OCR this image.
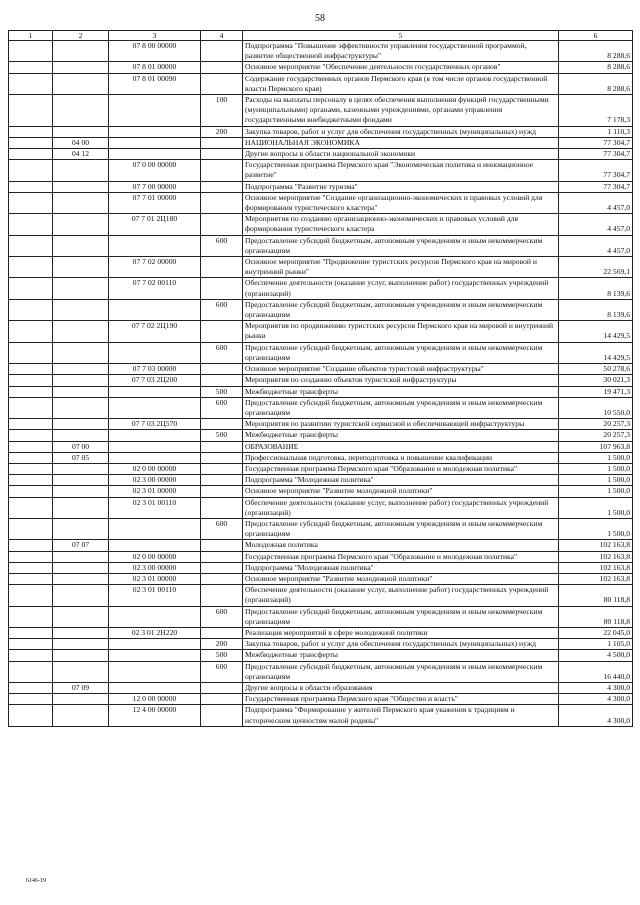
58
1	2	3	4	5	6
		07 8 00 00000		Подпрограмма "Повышение эффективности управления государственной программой, развитие общественной инфраструктуры"	8 288,6
		07 8 01 00000		Основное мероприятие "Обеспечение деятельности государственных органов"	8 288,6
		07 8 01 00090		Содержание государственных органов Пермского края (в том числе органов государственной власти Пермского края)	8 288,6
			100	Расходы на выплаты персоналу в целях обеспечения выполнения функций государственными (муниципальными) органами, казенными учреждениями, органами управления государственными внебюджетными фондами	7 178,3
			200	Закупка товаров, работ и услуг для обеспечения государственных (муниципальных) нужд	1 110,3
	04 00			НАЦИОНАЛЬНАЯ ЭКОНОМИКА	77 304,7
	04 12			Другие вопросы в области национальной экономики	77 304,7
		07 0 00 00000		Государственная программа Пермского края "Экономическая политика и инновационное развитие"	77 304,7
		07 7 00 00000		Подпрограмма "Развитие туризма"	77 304,7
		07 7 01 00000		Основное мероприятие "Создание организационно-экономических и правовых условий для формирования туристического кластера"	4 457,0
		07 7 01 2Ц180		Мероприятия по созданию организационно-экономических и правовых условий для формирования туристического кластера	4 457,0
			600	Предоставление субсидий бюджетным, автономным учреждениям и иным некоммерческим организациям	4 457,0
		07 7 02 00000		Основное мероприятие "Продвижение туристских ресурсов Пермского края на мировой и внутренний рынки"	22 569,1
		07 7 02 00110		Обеспечение деятельности (оказание услуг, выполнение работ) государственных учреждений (организаций)	8 139,6
			600	Предоставление субсидий бюджетным, автономным учреждениям и иным некоммерческим организациям	8 139,6
		07 7 02 2Ц190		Мероприятия по продвижению туристских ресурсов Пермского края на мировой и внутренний рынки	14 429,5
			600	Предоставление субсидий бюджетным, автономным учреждениям и иным некоммерческим организациям	14 429,5
		07 7 03 00000		Основное мероприятие "Создание объектов туристской инфраструктуры"	50 278,6
		07 7 03 2Ц200		Мероприятия по созданию объектов туристской инфраструктуры	30 021,3
			500	Межбюджетные трансферты	19 471,3
			600	Предоставление субсидий бюджетным, автономным учреждениям и иным некоммерческим организациям	10 550,0
		07 7 03 2Ц570		Мероприятия по развитию туристской сервисной и обеспечивающей инфраструктуры	20 257,3
			500	Межбюджетные трансферты	20 257,3
	07 00			ОБРАЗОВАНИЕ	107 963,8
	07 05			Профессиональная подготовка, переподготовка и повышение квалификации	1 500,0
		02 0 00 00000		Государственная программа Пермского края "Образование и молодежная политика"	1 500,0
		02 3 00 00000		Подпрограмма "Молодежная политика"	1 500,0
		02 3 01 00000		Основное мероприятие "Развитие молодежной политики"	1 500,0
		02 3 01 00110		Обеспечение деятельности (оказание услуг, выполнение работ) государственных учреждений (организаций)	1 500,0
			600	Предоставление субсидий бюджетным, автономным учреждениям и иным некоммерческим организациям	1 500,0
	07 07			Молодежная политика	102 163,8
		02 0 00 00000		Государственная программа Пермского края "Образование и молодежная политика"	102 163,8
		02 3 00 00000		Подпрограмма "Молодежная политика"	102 163,8
		02 3 01 00000		Основное мероприятие "Развитие молодежной политики"	102 163,8
		02 3 01 00110		Обеспечение деятельности (оказание услуг, выполнение работ) государственных учреждений (организаций)	80 118,8
			600	Предоставление субсидий бюджетным, автономным учреждениям и иным некоммерческим организациям	80 118,8
		02 3 01 2Н220		Реализация мероприятий в сфере молодежной политики	22 045,0
			200	Закупка товаров, работ и услуг для обеспечения государственных (муниципальных) нужд	1 105,0
			500	Межбюджетные трансферты	4 500,0
			600	Предоставление субсидий бюджетным, автономным учреждениям и иным некоммерческим организациям	16 440,0
	07 09			Другие вопросы в области образования	4 300,0
		12 0 00 00000		Государственная программа Пермского края "Общество и власть"	4 300,0
		12 4 00 00000		Подпрограмма "Формирование у жителей Пермского края уважения к традициям и историческим ценностям малой родины"	4 300,0
6146-19
